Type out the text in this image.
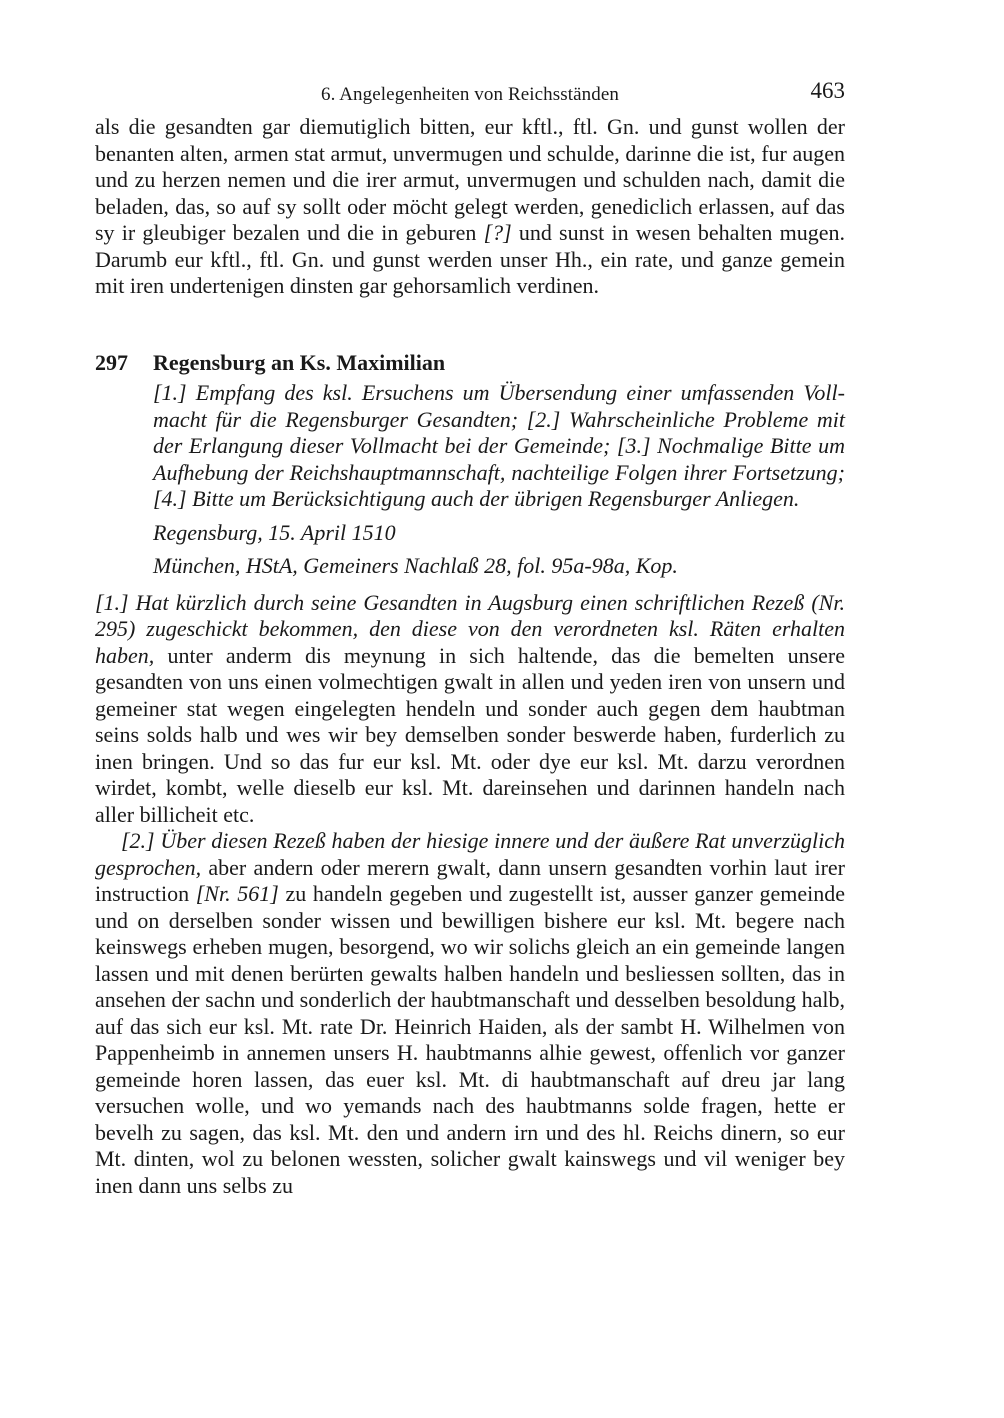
6. Angelegenheiten von Reichsständen	463

als die gesandten gar diemutiglich bitten, eur kftl., ftl. Gn. und gunst wollen der benanten alten, armen stat armut, unvermugen und schulde, darinne die ist, fur augen und zu herzen nemen und die irer armut, unvermugen und schulden nach, damit die beladen, das, so auf sy sollt oder möcht gelegt werden, genediclich erlassen, auf das sy ir gleubiger bezalen und die in geburen [?] und sunst in wesen behalten mugen. Darumb eur kftl., ftl. Gn. und gunst werden unser Hh., ein rate, und ganze gemein mit iren undertenigen dinsten gar gehorsamlich verdinen.

297	Regensburg an Ks. Maximilian
[1.] Empfang des ksl. Ersuchens um Übersendung einer umfassenden Vollmacht für die Regensburger Gesandten; [2.] Wahrscheinliche Probleme mit der Erlangung dieser Vollmacht bei der Gemeinde; [3.] Nochmalige Bitte um Aufhebung der Reichshauptmannschaft, nachteilige Folgen ihrer Fortsetzung; [4.] Bitte um Berücksichtigung auch der übrigen Regensburger Anliegen.
Regensburg, 15. April 1510
München, HStA, Gemeiners Nachlaß 28, fol. 95a-98a, Kop.

[1.] Hat kürzlich durch seine Gesandten in Augsburg einen schriftlichen Rezeß (Nr. 295) zugeschickt bekommen, den diese von den verordneten ksl. Räten erhalten haben, unter anderm dis meynung in sich haltende, das die bemelten unsere gesandten von uns einen volmechtigen gwalt in allen und yeden iren von unsern und gemeiner stat wegen eingelegten hendeln und sonder auch gegen dem haubtman seins solds halb und wes wir bey demselben sonder beswerde haben, furderlich zu inen bringen. Und so das fur eur ksl. Mt. oder dye eur ksl. Mt. darzu verordnen wirdet, kombt, welle dieselb eur ksl. Mt. dareinsehen und darinnen handeln nach aller billicheit etc.

[2.] Über diesen Rezeß haben der hiesige innere und der äußere Rat unverzüglich gesprochen, aber andern oder merern gwalt, dann unsern gesandten vorhin laut irer instruction [Nr. 561] zu handeln gegeben und zugestellt ist, ausser ganzer gemeinde und on derselben sonder wissen und bewilligen bishere eur ksl. Mt. begere nach keinswegs erheben mugen, besorgend, wo wir solichs gleich an ein gemeinde langen lassen und mit denen berürten gewalts halben handeln und besliessen sollten, das in ansehen der sachn und sonderlich der haubtmanschaft und desselben besoldung halb, auf das sich eur ksl. Mt. rate Dr. Heinrich Haiden, als der sambt H. Wilhelmen von Pappenheimb in annemen unsers H. haubtmanns alhie gewest, offenlich vor ganzer gemeinde horen lassen, das euer ksl. Mt. di haubtmanschaft auf dreu jar lang versuchen wolle, und wo yemands nach des haubtmanns solde fragen, hette er bevelh zu sagen, das ksl. Mt. den und andern irn und des hl. Reichs dinern, so eur Mt. dinten, wol zu belonen wessten, solicher gwalt kainswegs und vil weniger bey inen dann uns selbs zu
